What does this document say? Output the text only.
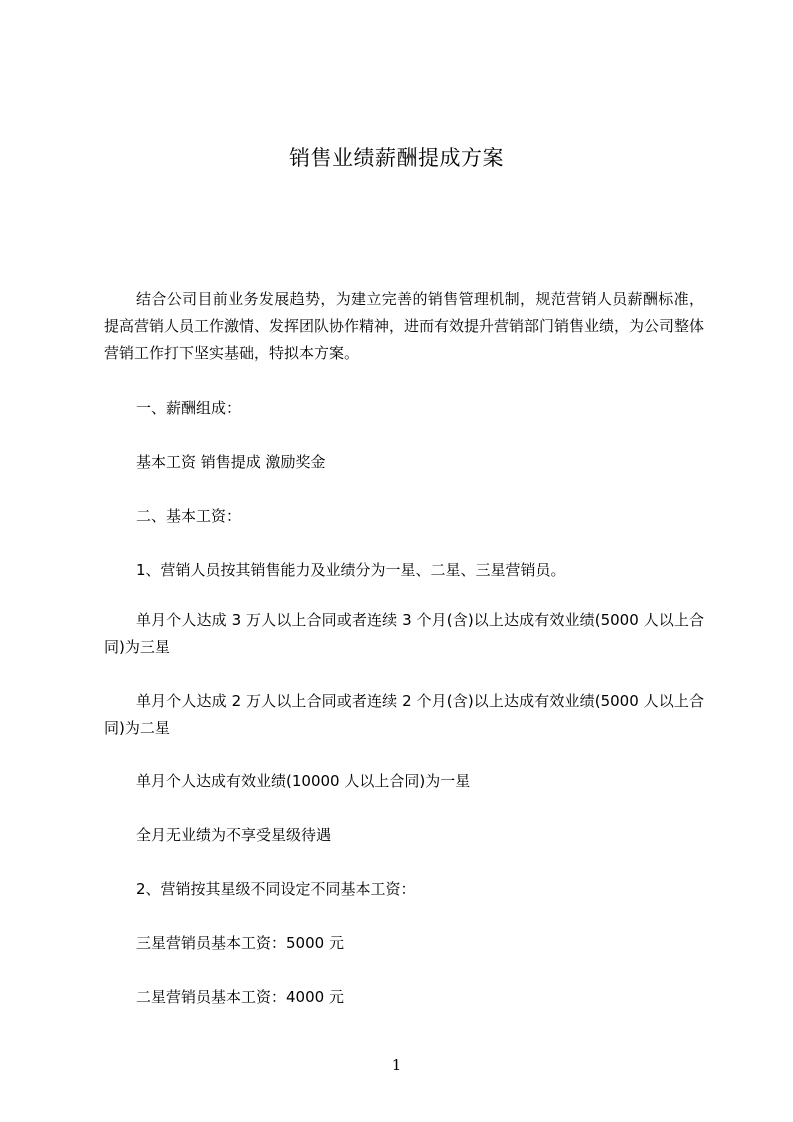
销售业绩薪酬提成方案
结合公司目前业务发展趋势，为建立完善的销售管理机制，规范营销人员薪酬标准，提高营销人员工作激情、发挥团队协作精神，进而有效提升营销部门销售业绩，为公司整体营销工作打下坚实基础，特拟本方案。
一、薪酬组成：
基本工资 销售提成 激励奖金
二、基本工资：
1、营销人员按其销售能力及业绩分为一星、二星、三星营销员。
单月个人达成 3 万人以上合同或者连续 3 个月(含)以上达成有效业绩(5000 人以上合同)为三星
单月个人达成 2 万人以上合同或者连续 2 个月(含)以上达成有效业绩(5000 人以上合同)为二星
单月个人达成有效业绩(10000 人以上合同)为一星
全月无业绩为不享受星级待遇
2、营销按其星级不同设定不同基本工资：
三星营销员基本工资：5000 元
二星营销员基本工资：4000 元
1
